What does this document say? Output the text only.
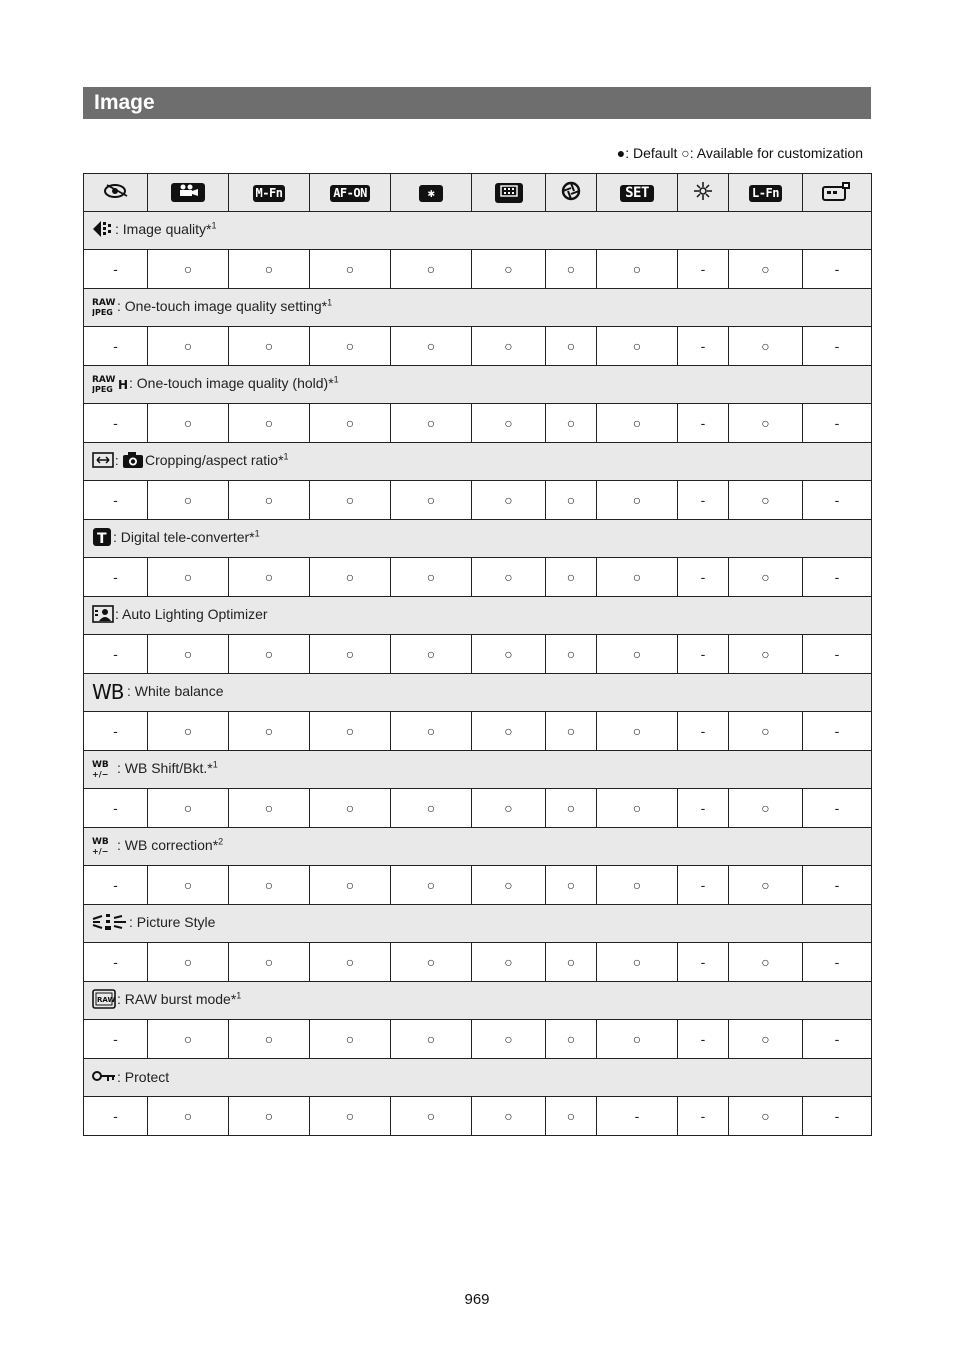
Image
●: Default ○: Available for customization
		M-Fn	AF-ON	✱			SET		L-Fn	
: Image quality*$^1$
-	○	○	○	○	○	○	○	-	○	-

RAW
JPEG : One-touch image quality setting*$^1$
-	○	○	○	○	○	○	○	-	○	-

RAW
JPEG H : One-touch image quality (hold)*$^1$
-	○	○	○	○	○	○	○	-	○	-

: Cropping/aspect ratio*$^1$
-	○	○	○	○	○	○	○	-	○	-

T : Digital tele-converter*$^1$
-	○	○	○	○	○	○	○	-	○	-
: Auto Lighting Optimizer										
-	○	○	○	○	○	○	○	-	○	-

WB : White balance										
-	○	○	○	○	○	○	○	-	○	-

WB
+/− : WB Shift/Bkt.*$^1$
-	○	○	○	○	○	○	○	-	○	-

WB
+/− : WB correction*$^2$
-	○	○	○	○	○	○	○	-	○	-
: Picture Style										
-	○	○	○	○	○	○	○	-	○	-

RAW : RAW burst mode*$^1$
-	○	○	○	○	○	○	○	-	○	-
: Protect										
-	○	○	○	○	○	○	-	-	○	-
969
